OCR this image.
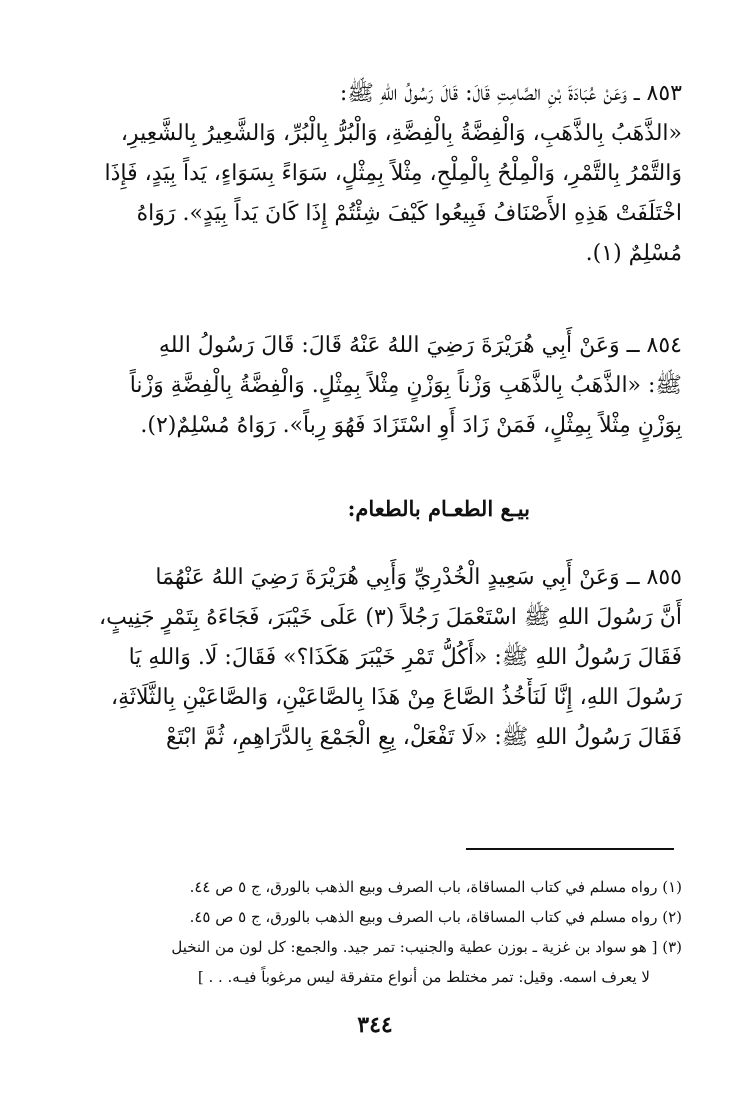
٨٥٣ ــ وَعَنْ عُبَادَةَ بْنِ الصَّامِتِ قَالَ: قَالَ رَسُولُ اللهِ ﷺ:
«الذَّهَبُ بِالذَّهَبِ، وَالْفِضَّةُ بِالْفِضَّةِ، وَالْبُرُّ بِالْبُرِّ، وَالشَّعِيرُ بِالشَّعِيرِ،
وَالتَّمْرُ بِالتَّمْرِ، وَالْمِلْحُ بِالْمِلْحِ، مِثْلاً بِمِثْلٍ، سَوَاءً بِسَوَاءٍ، يَداً بِيَدٍ، فَإِذَا
اخْتَلَفَتْ هَذِهِ الأَصْنَافُ فَبِيعُوا كَيْفَ شِئْتُمْ إِذَا كَانَ يَداً بِيَدٍ». رَوَاهُ
مُسْلِمٌ (١).
٨٥٤ ــ وَعَنْ أَبِي هُرَيْرَةَ رَضِيَ اللهُ عَنْهُ قَالَ: قَالَ رَسُولُ اللهِ
ﷺ: «الذَّهَبُ بِالذَّهَبِ وَزْناً بِوَزْنٍ مِثْلاً بِمِثْلٍ. وَالْفِضَّةُ بِالْفِضَّةِ وَزْناً
بِوَزْنٍ مِثْلاً بِمِثْلٍ، فَمَنْ زَادَ أَوِ اسْتَزَادَ فَهُوَ رِباً». رَوَاهُ مُسْلِمٌ(٢).
بيـع الطعـام بالطعام:
٨٥٥ ــ وَعَنْ أَبِي سَعِيدٍ الْخُدْرِيِّ وَأَبِي هُرَيْرَةَ رَضِيَ اللهُ عَنْهُمَا
أَنَّ رَسُولَ اللهِ ﷺ اسْتَعْمَلَ رَجُلاً (٣) عَلَى خَيْبَرَ، فَجَاءَهُ بِتَمْرٍ جَنِيبٍ،
فَقَالَ رَسُولُ اللهِ ﷺ: «أَكُلُّ تَمْرِ خَيْبَرَ هَكَذَا؟» فَقَالَ: لَا. وَاللهِ يَا
رَسُولَ اللهِ، إِنَّا لَنَأْخُذُ الصَّاعَ مِنْ هَذَا بِالصَّاعَيْنِ، وَالصَّاعَيْنِ بِالثَّلَاثَةِ،
فَقَالَ رَسُولُ اللهِ ﷺ: «لَا تَفْعَلْ، بِعِ الْجَمْعَ بِالدَّرَاهِمِ، ثُمَّ ابْتَعْ
(١) رواه مسلم في كتاب المساقاة، باب الصرف وبيع الذهب بالورق، ج ٥ ص ٤٤.
(٢) رواه مسلم في كتاب المساقاة، باب الصرف وبيع الذهب بالورق، ج ٥ ص ٤٥.
(٣) [ هو سواد بن غزية ـ بوزن عطية والجنيب: تمر جيد. والجمع: كل لون من النخيل
لا يعرف اسمه. وقيل: تمر مختلط من أنواع متفرقة ليس مرغوباً فيـه. . . ]
٣٤٤
